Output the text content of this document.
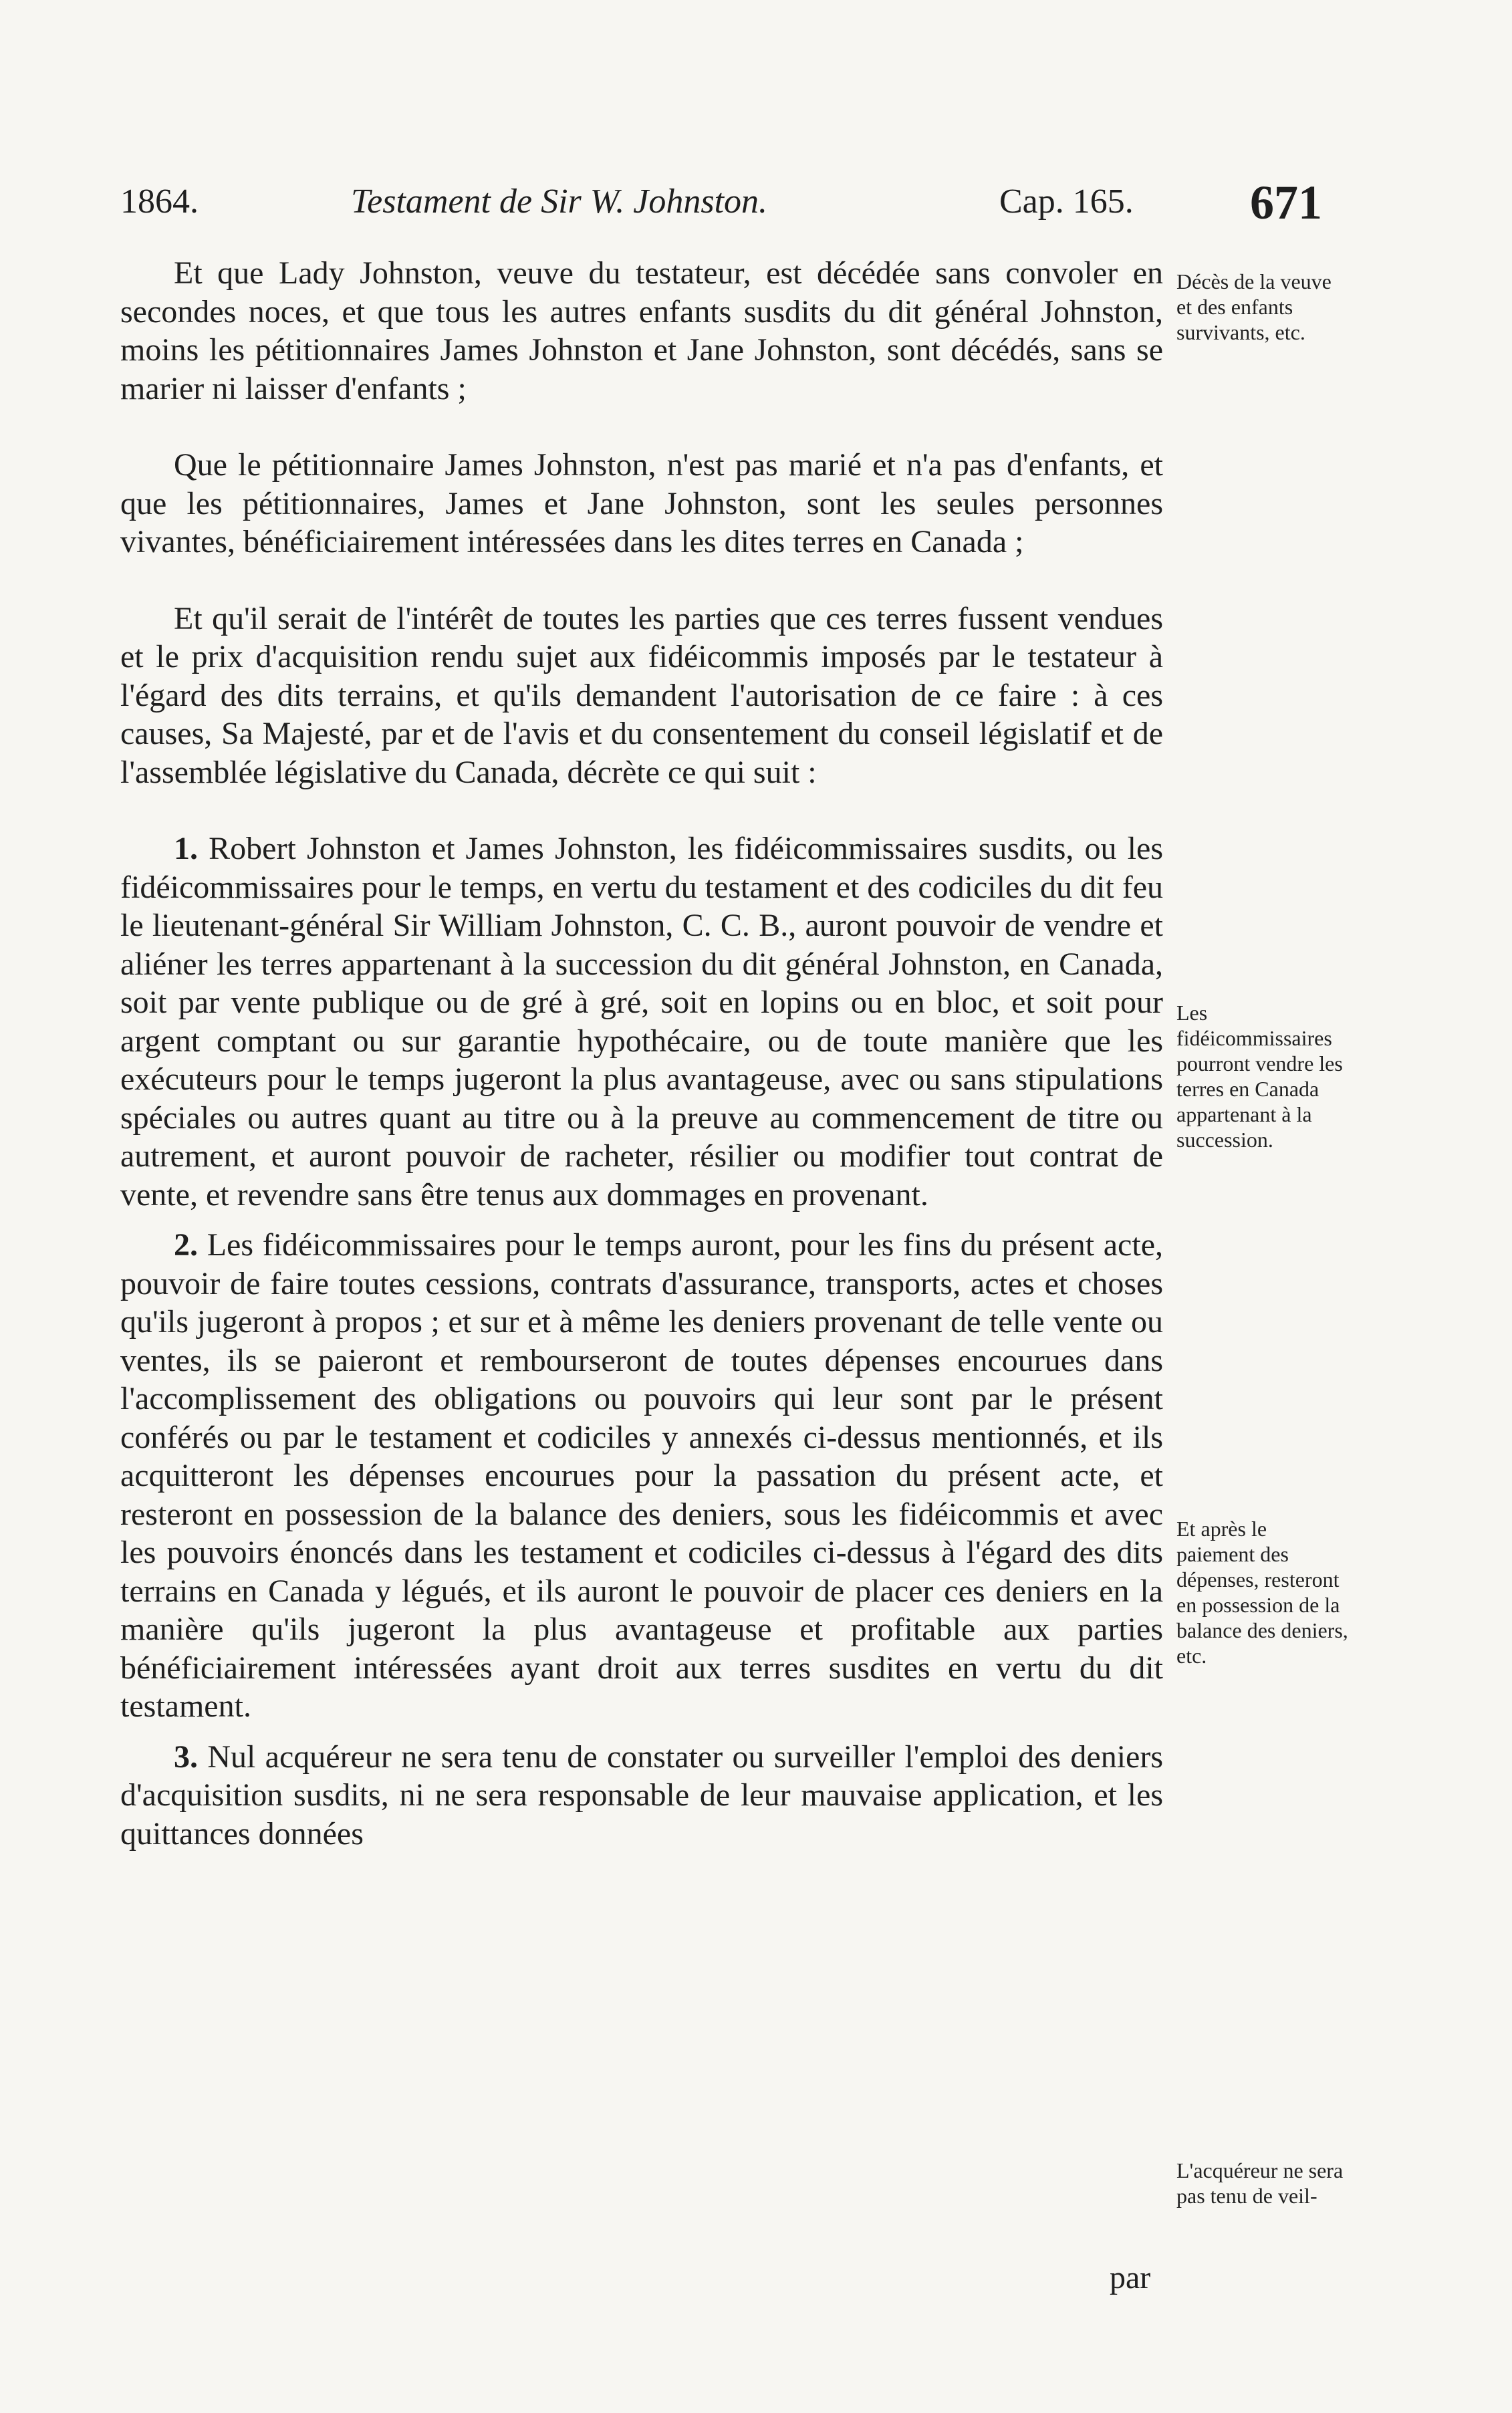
1864.	Testament de Sir W. Johnston.	Cap. 165. 671

Et que Lady Johnston, veuve du testateur, est décédée sans convoler en secondes noces, et que tous les autres enfants susdits du dit général Johnston, moins les pétitionnaires James Johnston et Jane Johnston, sont décédés, sans se marier ni laisser d'enfants ;

Que le pétitionnaire James Johnston, n'est pas marié et n'a pas d'enfants, et que les pétitionnaires, James et Jane Johnston, sont les seules personnes vivantes, bénéficiairement intéressées dans les dites terres en Canada ;

Et qu'il serait de l'intérêt de toutes les parties que ces terres fussent vendues et le prix d'acquisition rendu sujet aux fidéicommis imposés par le testateur à l'égard des dits terrains, et qu'ils demandent l'autorisation de ce faire : à ces causes, Sa Majesté, par et de l'avis et du consentement du conseil législatif et de l'assemblée législative du Canada, décrète ce qui suit :

1. Robert Johnston et James Johnston, les fidéicommissaires susdits, ou les fidéicommissaires pour le temps, en vertu du testament et des codiciles du dit feu le lieutenant-général Sir William Johnston, C. C. B., auront pouvoir de vendre et aliéner les terres appartenant à la succession du dit général Johnston, en Canada, soit par vente publique ou de gré à gré, soit en lopins ou en bloc, et soit pour argent comptant ou sur garantie hypothécaire, ou de toute manière que les exécuteurs pour le temps jugeront la plus avantageuse, avec ou sans stipulations spéciales ou autres quant au titre ou à la preuve au commencement de titre ou autrement, et auront pouvoir de racheter, résilier ou modifier tout contrat de vente, et revendre sans être tenus aux dommages en provenant.

2. Les fidéicommissaires pour le temps auront, pour les fins du présent acte, pouvoir de faire toutes cessions, contrats d'assurance, transports, actes et choses qu'ils jugeront à propos ; et sur et à même les deniers provenant de telle vente ou ventes, ils se paieront et rembourseront de toutes dépenses encourues dans l'accomplissement des obligations ou pouvoirs qui leur sont par le présent conférés ou par le testament et codiciles y annexés ci-dessus mentionnés, et ils acquitteront les dépenses encourues pour la passation du présent acte, et resteront en possession de la balance des deniers, sous les fidéicommis et avec les pouvoirs énoncés dans les testament et codiciles ci-dessus à l'égard des dits terrains en Canada y légués, et ils auront le pouvoir de placer ces deniers en la manière qu'ils jugeront la plus avantageuse et profitable aux parties bénéficiairement intéressées ayant droit aux terres susdites en vertu du dit testament.

3. Nul acquéreur ne sera tenu de constater ou surveiller l'emploi des deniers d'acquisition susdits, ni ne sera responsable de leur mauvaise application, et les quittances données

par
Décès de la veuve et des enfants survivants, etc.
Les fidéicommissaires pourront vendre les terres en Canada appartenant à la succession.
Et après le paiement des dépenses, resteront en possession de la balance des deniers, etc.
L'acquéreur ne sera pas tenu de veil-
